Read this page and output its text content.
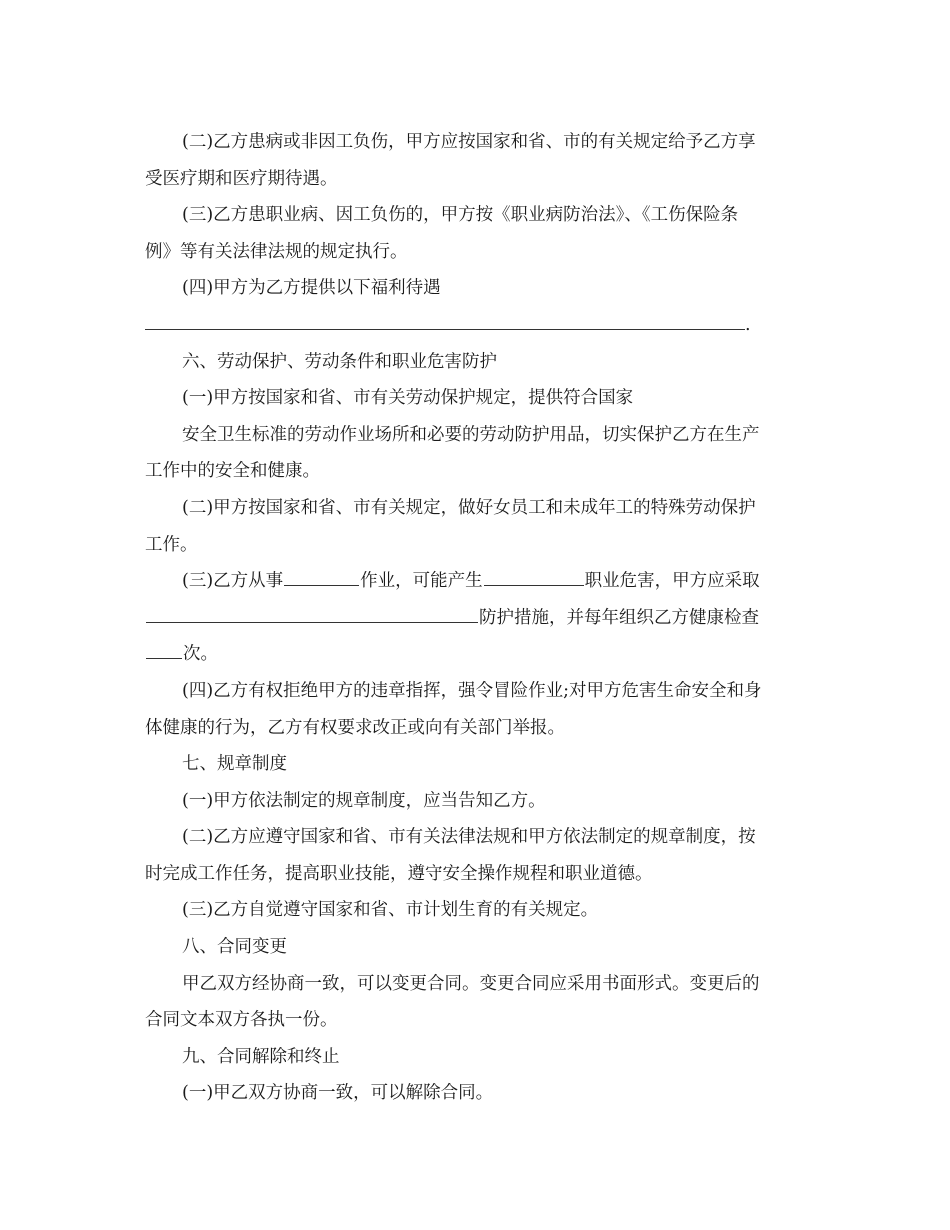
(二)乙方患病或非因工负伤，甲方应按国家和省、市的有关规定给予乙方享
受医疗期和医疗期待遇。
(三)乙方患职业病、因工负伤的，甲方按《职业病防治法》、《工伤保险条
例》等有关法律法规的规定执行。
(四)甲方为乙方提供以下福利待遇
.
六、劳动保护、劳动条件和职业危害防护
(一)甲方按国家和省、市有关劳动保护规定，提供符合国家
安全卫生标准的劳动作业场所和必要的劳动防护用品，切实保护乙方在生产
工作中的安全和健康。
(二)甲方按国家和省、市有关规定，做好女员工和未成年工的特殊劳动保护
工作。
(三)乙方从事	作业，可能产生	职业危害，甲方应采取
防护措施，并每年组织乙方健康检查
次。
(四)乙方有权拒绝甲方的违章指挥，强令冒险作业;对甲方危害生命安全和身
体健康的行为，乙方有权要求改正或向有关部门举报。
七、规章制度
(一)甲方依法制定的规章制度，应当告知乙方。
(二)乙方应遵守国家和省、市有关法律法规和甲方依法制定的规章制度，按
时完成工作任务，提高职业技能，遵守安全操作规程和职业道德。
(三)乙方自觉遵守国家和省、市计划生育的有关规定。
八、合同变更
甲乙双方经协商一致，可以变更合同。变更合同应采用书面形式。变更后的
合同文本双方各执一份。
九、合同解除和终止
(一)甲乙双方协商一致，可以解除合同。
